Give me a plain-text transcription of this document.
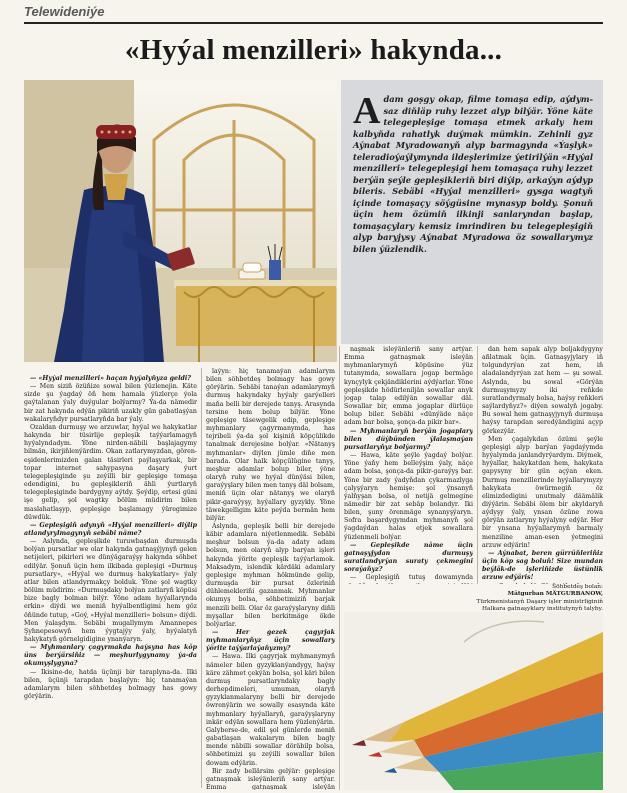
Telewideniýe
«Hyýal menzilleri» hakynda...
Adam goşgy okap, filme tomaşa edip, aýdym-saz diňläp ruhy lezzet alyp bilýär. Ýöne käte telegepleşige tomaşa etmek arkaly hem kalbyňda rahatlyk duýmak mümkin. Zehinli gyz Aýnabat Myradowanyň alyp barmagynda «Ýaşlyk» teleradioýaýlymynda ildeşlerimize ýetirilýän «Hyýal menzilleri» telegepleşigi hem tomaşaça ruhy lezzet berýän şeýle gepleşikleriň biri diýip, arkaýyn aýdyp bileris. Sebäbi «Hyýal menzilleri» gysga wagtyň içinde tomaşaçy söýgüsine mynasyp boldy. Şonuň üçin hem özümiň ilkinji sanlaryndan başlap, tomaşaçylary kemsiz imrindiren bu telegepleşigiň alyp baryjysy Aýnabat Myradowa öz sowallarymyz bilen ýüzlendik.

— «Hyýal menzilleri» haçan hyýalyňyza geldi?

— Men siziň özüňize sowal bilen ýüzlenejin. Käte sizde şu ýagdaý öň hem hamala ýüzlerçe ýola gaýtalanan ýaly duýgular bolýarmy? Ýa-da nämedir bir zat hakynda edýän pikiriň uzakly gün gabatlaşýan wakalaryňdyr pursatlaryňda bar ýaly.

Ozaldan durmuşy we arzuwlar, hyýal we hakykatlar hakynda bir tüsirlije gepleşik taýýarlamagyň hyýalyndadym. Ýöne nirden-näbili başlajagymy bilmän, ikirjiňlenýärdim. Okan zatlarymyzdan, gören-eşidenlerimizden galan täsirleri paýlaşyarkak, bir topar internet sahypasyna daşary ýurt telegepleşiginde şu zeýilli bir gepleşige tomaşa edendigini, bu gepleşikleriň ähli ýurtlaryň telegepleşiginde bardygyny aýtdy. Şeýdip, ertesi güni işe gelip, şol wagtky bölüm müdirim bilen maslahatlaşyp, gepleşige başlamagy ýüregimize düwdük.

— Gepleşigiň adynyň «Hyýal menzilleri» diýlip atlandyrylmagynyň sebäbi näme?

— Aslynda, gepleşikde turuwbaşdan durmuşda bolýan pursatlar we olar hakynda gatnaşýjynyň gelen netijeleri, pikirleri we dünýägaraýşy hakynda söhbet edilýär. Şonuň üçin hem ilkibada gepleşigi «Durmuş pursatlary», «Hyýal we durmuş hakykatlary» ýaly atlar bilen atlandyrmakçy bolduk. Ýöne şol wagtky bölüm müdirim: «Durmuşdaky bolýan zatlaryň köpüsi bize bagly bolman bilýr. Ýöne adam hyýallarynda erkin» diýdi we meniň hyýalbentligimi hem göz öňünde tutup, «Goý, «Hyýal menzilleri» bolsun» diýdi. Men ýalaşdym. Sebäbi mugallymym Amannepes Şyhnepesowyň hem ýygtajýy ýaly, hyýalatyň hakykatyň görnelgidigine ynanýaryn.

— Myhmanlary çagyrmakda haýsyna has köp üns berýärsiňiz — meşhurlygynamy ýa-da okumyşlygyna?

— Ikisine-de, hatda üçünji bir taraplyna-da. Ilki bilen, üçünji tarapdan başlaýyn: hiç tanamaýan adamlarym bilen söhbetdeş bolmagy has gowy görýärin.

laýyn: hiç tanamaýan adamlarym bilen söhbetdeş bolmagy has gowy görýärin. Sebäbi tanaýan adamlarymyň durmuş hakyndaky hyýaly garýelleri maňa belli bir derejede tanyş. Arasynda tersine hem bolup bilýär. Ýöne gepleşige täsewgelik edip, gepleşige myhmanlary çagyrmanymda, has tejribeli ýa-da şol kişiniň köpçülikde tanalmak derejesine bolýar. «Nätanyş myhmanlar» diýlen jümle diňe men barada. Olar halk köpçülügine tanyş, meşhur adamlar bolup biler, ýöne olaryň ruhy we hyýal dünýäsi bilen, garaýyşlary bilen men tanyş däl bolsam, meniň üçin olar nätanyş we olaryň pikir-garaýyşy, hyýallary gyzykly. Ýöne täwekgelligim käte peýda bermän hem bilýär.

Aslynda, gepleşik belli bir derejede käbir adamlara niýetlenmedik. Sebäbi meşhur bolsun ýa-da adaty adam bolsun, men olaryň alyp barýan işleri hakynda ýörite gepleşik taýýarlamok. Maksadym, islendik kärdäki adamlary gepleşige myhman hökmünde gelip, durmuşda bir pursat özleriniň dühlemekleriňi gazanmak. Myhmanlar okumyş bolsa, söhbetimiziň barjak menzili belli. Olar öz garaýyşlaryny diňli myşallar bilen berkitmäge ökde bolýarlar.

— Her gezek çagyrjak myhmanlaryňyz üçin sowallary ýörite taýýarlaýaňyzmy?

— Hawa. Ilki çagyrjak myhmanymyň nämeler bilen gyzyklanýandygy, haýsy käre zähmet çekýän bolsa, şol käri bilen durmuş pursatlaryndaky bagly derhepdimeleri, umuman, olaryň gyzyklanmalaryny belli bir derejede öwrenýärin we sowally esasynda käte myhmanlary hyýallaryň, garaýyşlaryny inkär edýän sowallara hem ýüzlenýärin. Galyberse-de, edil şol günlerde meniň gabatlaşan wakalarym bilen bagly mende näbilli sowallar döräbilp bolsa, söhbetimizi şu zeýilli sowallar bilen dowam edýärin.

Bir zady bellärsim gelýär: gepleşige gatnaşmak isleýänleriň sany artýar. Emma gatnaşmak isleýän

naşmak isleýänleriň sany artýar. Emma gatnaşmak isleýän myhmanlarymyň köpüsine ýüz tutanymda, sowallara jogap bermäge kynçylyk çekjändiklerini aýdýarlar. Ýöne gepleşikde hödürleniljän sowallar anyk jogap talap edilýän sowallar däl. Sowallar bir, emma jogaplar dürlüçe bolup biler. Sebäbi «dünýäde näçe adam bar bolsa, şonça-da pikir bar».

— Myhmanlaryň berýän jogaplary bilen düýbünden ýlalaşmaýan pursatlaryňyz bolýarmy?

— Hawa, käte şeýle ýagdaý bolýar. Ýöne ýaňy hem belleýşim ýaly, näçe adam bolsa, şonça-da pikir-garaýyş bar. Ýöne bir zady ýadyňdan çykarmazlyga çalyşýaryn hemişe: şol ýnsanyň ýalňyşan bolsa, ol netijä gelmegine nämedir bir zat sebäp bolandyr. Iki bilen, şuny örenmäge synanyşýaryn. Sofra başardygymdan myhmanyň şol ýagdaýdan halas etjek sowallara ýüzlenmeli bolýar.

— Gepleşikde näme üçin gatnaşyjydan durmuşy suratlandyrýan suraty çekmegini soraýaňyz?

— Gepleşigiň tutuş dowamynda

dan hem sapak alyp boljakdygyny añlatmak üçin. Gatnaşyjylary iň tolgundyrýan zat hem, iň aladalandyrýan zat hem — şu sowal. Aslynda, bu sowal «Görýän durmuşymyzy iki reňkde suratlandyrmaly bolsa, haýsy reňkleri saýlardyňyz?» diýen sowalyň jogaby. Bu sowal hem gatnaşyjynyň durmuşa haýsy tarapdan seredýändigini açyp görkezýär.

Men çagalykdan özümi şeýle gepleşigi alyp barýan ýagdaýymda hyýalymda janlandyrýardym. Diýmek, hyýallar, hakykatdan hem, hakykata gapysyny bir gün açýan eken. Durmuş menzillerinde hyýallarymyzy hakykata öwürmegiň öz elimizdedigini unutmaly däämälik diýýärin. Sebäbi ölem bir akyldaryň aýdyşy ýaly, ynsan özüne rowa görýän zatlaryny hyýalyny edýär. Her bir ynsana hyýallarymyň barmaly menziline aman-esen ýetmegini arzuw edýärin!

— Aýnabat, beren gürrüňleriňiz üçin köp sag boluň! Size mundan beýläk-de işleriňizde üstünlik arzuw edýäris!

Söhbetdeş bolan:
Mätgurban MÄTGURBANOW,
Türkmenistanyň Daşary işler ministrliginiň Halkara gatnaşyklary institutynyň talyby.
